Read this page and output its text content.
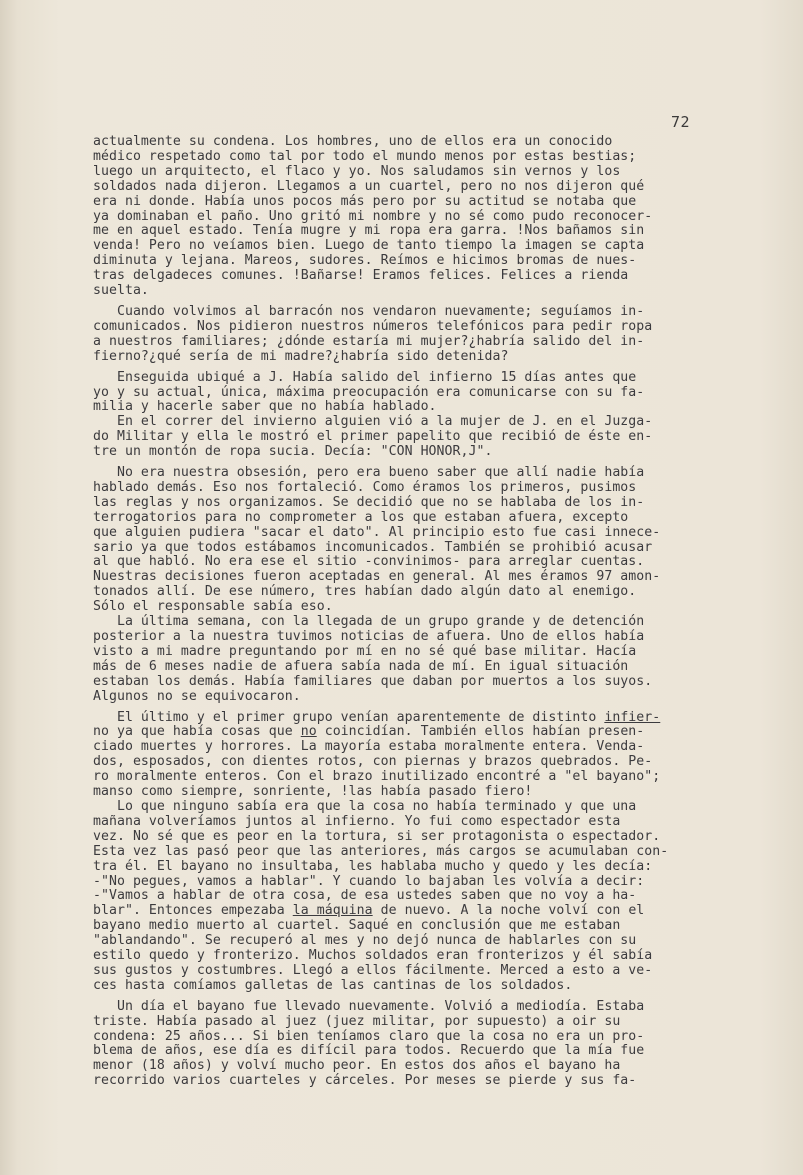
72
actualmente su condena. Los hombres, uno de ellos era un conocido
médico respetado como tal por todo el mundo menos por estas bestias;
luego un arquitecto, el flaco y yo. Nos saludamos sin vernos y los
soldados nada dijeron. Llegamos a un cuartel, pero no nos dijeron qué
era ni donde. Había unos pocos más pero por su actitud se notaba que
ya dominaban el paño. Uno gritó mi nombre y no sé como pudo reconocer-
me en aquel estado. Tenía mugre y mi ropa era garra. !Nos bañamos sin
venda! Pero no veíamos bien. Luego de tanto tiempo la imagen se capta
diminuta y lejana. Mareos, sudores. Reímos e hicimos bromas de nues-
tras delgadeces comunes. !Bañarse! Eramos felices. Felices a rienda
suelta.
Cuando volvimos al barracón nos vendaron nuevamente; seguíamos in-
comunicados. Nos pidieron nuestros números telefónicos para pedir ropa
a nuestros familiares; ¿dónde estaría mi mujer?¿habría salido del in-
fierno?¿qué sería de mi madre?¿habría sido detenida?
Enseguida ubiqué a J. Había salido del infierno 15 días antes que
yo y su actual, única, máxima preocupación era comunicarse con su fa-
milia y hacerle saber que no había hablado.
En el correr del invierno alguien vió a la mujer de J. en el Juzga-
do Militar y ella le mostró el primer papelito que recibió de éste en-
tre un montón de ropa sucia. Decía: "CON HONOR,J".
No era nuestra obsesión, pero era bueno saber que allí nadie había
hablado demás. Eso nos fortaleció. Como éramos los primeros, pusimos
las reglas y nos organizamos. Se decidió que no se hablaba de los in-
terrogatorios para no comprometer a los que estaban afuera, excepto
que alguien pudiera "sacar el dato". Al principio esto fue casi innece-
sario ya que todos estábamos incomunicados. También se prohibió acusar
al que habló. No era ese el sitio -convinimos- para arreglar cuentas.
Nuestras decisiones fueron aceptadas en general. Al mes éramos 97 amon-
tonados allí. De ese número, tres habían dado algún dato al enemigo.
Sólo el responsable sabía eso.
La última semana, con la llegada de un grupo grande y de detención
posterior a la nuestra tuvimos noticias de afuera. Uno de ellos había
visto a mi madre preguntando por mí en no sé qué base militar. Hacía
más de 6 meses nadie de afuera sabía nada de mí. En igual situación
estaban los demás. Había familiares que daban por muertos a los suyos.
Algunos no se equivocaron.
El último y el primer grupo venían aparentemente de distinto infier-
no ya que había cosas que no coincidían. También ellos habían presen-
ciado muertes y horrores. La mayoría estaba moralmente entera. Venda-
dos, esposados, con dientes rotos, con piernas y brazos quebrados. Pe-
ro moralmente enteros. Con el brazo inutilizado encontré a "el bayano";
manso como siempre, sonriente, !las había pasado fiero!
Lo que ninguno sabía era que la cosa no había terminado y que una
mañana volveríamos juntos al infierno. Yo fui como espectador esta
vez. No sé que es peor en la tortura, si ser protagonista o espectador.
Esta vez las pasó peor que las anteriores, más cargos se acumulaban con-
tra él. El bayano no insultaba, les hablaba mucho y quedo y les decía:
-"No pegues, vamos a hablar". Y cuando lo bajaban les volvía a decir:
-"Vamos a hablar de otra cosa, de esa ustedes saben que no voy a ha-
blar". Entonces empezaba la máquina de nuevo. A la noche volví con el
bayano medio muerto al cuartel. Saqué en conclusión que me estaban
"ablandando". Se recuperó al mes y no dejó nunca de hablarles con su
estilo quedo y fronterizo. Muchos soldados eran fronterizos y él sabía
sus gustos y costumbres. Llegó a ellos fácilmente. Merced a esto a ve-
ces hasta comíamos galletas de las cantinas de los soldados.
Un día el bayano fue llevado nuevamente. Volvió a mediodía. Estaba
triste. Había pasado al juez (juez militar, por supuesto) a oir su
condena: 25 años... Si bien teníamos claro que la cosa no era un pro-
blema de años, ese día es difícil para todos. Recuerdo que la mía fue
menor (18 años) y volví mucho peor. En estos dos años el bayano ha
recorrido varios cuarteles y cárceles. Por meses se pierde y sus fa-
